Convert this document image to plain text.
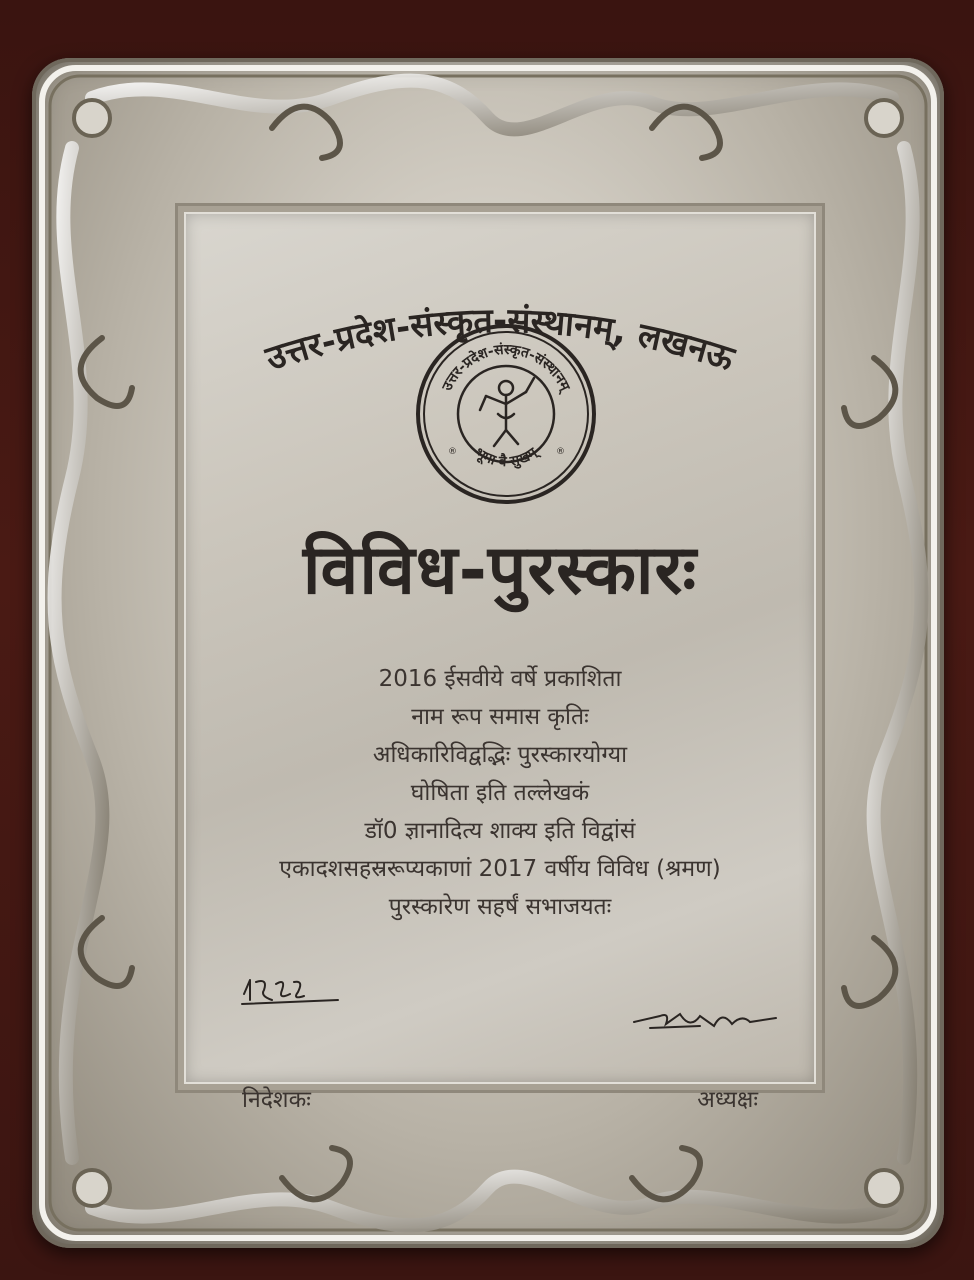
उत्तर-प्रदेश-संस्कृत-संस्थानम्, लखनऊ
उत्तर-प्रदेश-संस्कृत-संस्थानम्
भूमा वै सुखम्
®	®
विविध-पुरस्कारः
2016 ईसवीये वर्षे प्रकाशिता
नाम रूप समास कृतिः
अधिकारिविद्वद्भिः पुरस्कारयोग्या
घोषिता इति तल्लेखकं
डॉ0 ज्ञानादित्य शाक्य इति विद्वांसं
एकादशसहस्ररूप्यकाणां 2017 वर्षीय विविध (श्रमण)
पुरस्कारेण सहर्षं सभाजयतः
निदेशकः	अध्यक्षः
